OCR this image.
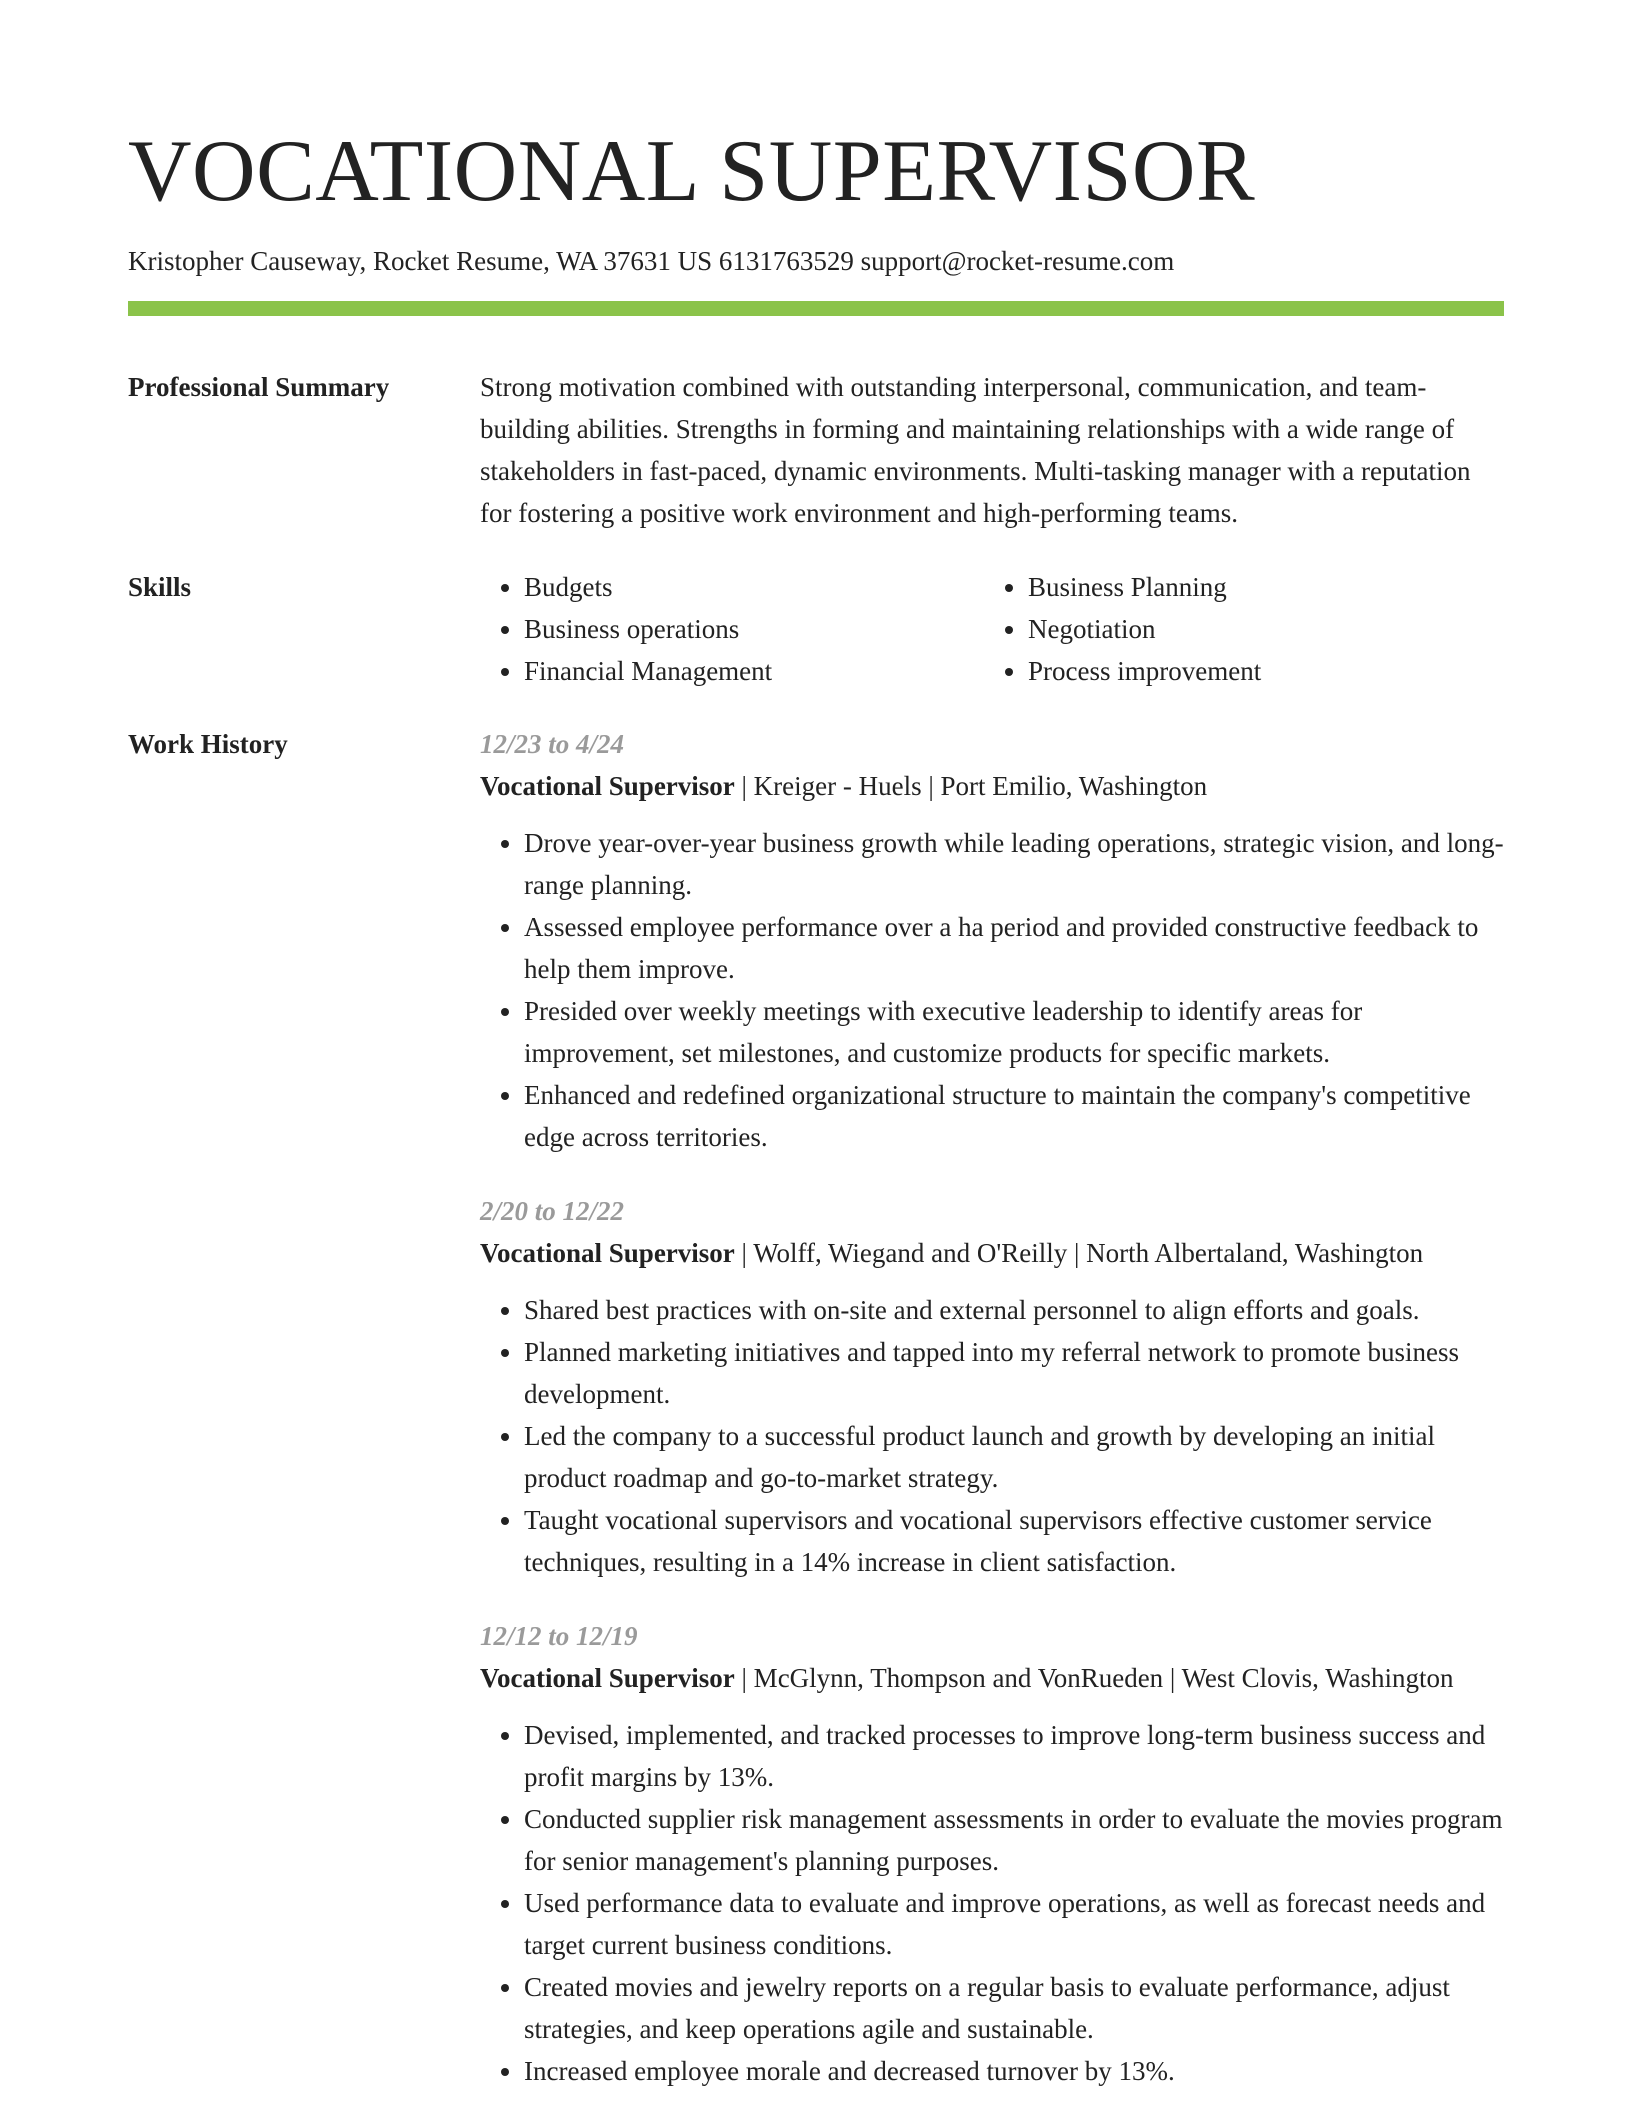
VOCATIONAL SUPERVISOR
Kristopher Causeway, Rocket Resume, WA 37631 US 6131763529 support@rocket-resume.com
Professional Summary	Strong motivation combined with outstanding interpersonal, communication, and team-building abilities. Strengths in forming and maintaining relationships with a wide range of stakeholders in fast-paced, dynamic environments. Multi-tasking manager with a reputation for fostering a positive work environment and high-performing teams.

Skills
•	Budgets
• Business operations
• Financial Management
• Business Planning
• Negotiation
• Process improvement
Work History	12/23 to 4/24
Vocational Supervisor | Kreiger - Huels | Port Emilio, Washington
• Drove year-over-year business growth while leading operations, strategic vision, and long-range planning.
• Assessed employee performance over a ha period and provided constructive feedback to help them improve.
• Presided over weekly meetings with executive leadership to identify areas for improvement, set milestones, and customize products for specific markets.
• Enhanced and redefined organizational structure to maintain the company's competitive edge across territories.
2/20 to 12/22
Vocational Supervisor | Wolff, Wiegand and O'Reilly | North Albertaland, Washington
• Shared best practices with on-site and external personnel to align efforts and goals.
• Planned marketing initiatives and tapped into my referral network to promote business development.
• Led the company to a successful product launch and growth by developing an initial product roadmap and go-to-market strategy.
• Taught vocational supervisors and vocational supervisors effective customer service techniques, resulting in a 14% increase in client satisfaction.
12/12 to 12/19
Vocational Supervisor | McGlynn, Thompson and VonRueden | West Clovis, Washington
• Devised, implemented, and tracked processes to improve long-term business success and profit margins by 13%.
• Conducted supplier risk management assessments in order to evaluate the movies program for senior management's planning purposes.
• Used performance data to evaluate and improve operations, as well as forecast needs and target current business conditions.
• Created movies and jewelry reports on a regular basis to evaluate performance, adjust strategies, and keep operations agile and sustainable.
• Increased employee morale and decreased turnover by 13%.
